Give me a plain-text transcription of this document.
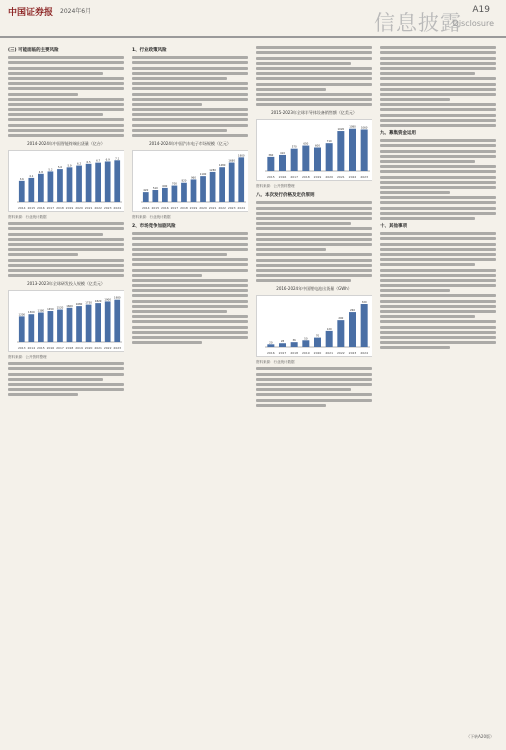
中国证券报 2024年6月	信息披露
A19
Disclosure
(三) 可能面临的主要风险
2014-2024年中国智能终端出货量（亿台）
2014
3.6
2015
4.1
2016
4.8
2017
5.2
2018
5.6
2019
5.9
2020
6.2
2021
6.5
2022
6.7
2023
6.9
2024
7.1
资料来源：行业统计数据
2013-2023年全球研发投入规模（亿美元）
2013
1200
2014
1300
2015
1380
2016
1450
2017
1520
2018
1600
2019
1680
2020
1750
2021
1820
2022
1900
2023
1980
资料来源：公开资料整理
1、行业政策风险
2014-2024年中国汽车电子市场规模（亿元）
2014
420
2015
510
2016
600
2017
700
2018
820
2019
960
2020
1100
2021
1280
2022
1480
2023
1680
2024
1900
资料来源：行业统计数据
2、市场竞争加剧风险
2015-2023年全球半导体设备销售额（亿美元）
2015
360
2016
410
2017
570
2018
650
2019
600
2020
710
2021
1020
2022
1080
2023
1060
资料来源：公开资料整理
八、本次发行价格及定价原则
2016-2024年中国锂电池出货量（GWh）
2016
20
2017
28
2018
36
2019
50
2020
70
2021
120
2022
200
2023
260
2024
320
资料来源：行业统计数据
九、募集资金运用
十、其他事项
（下转A20版）
